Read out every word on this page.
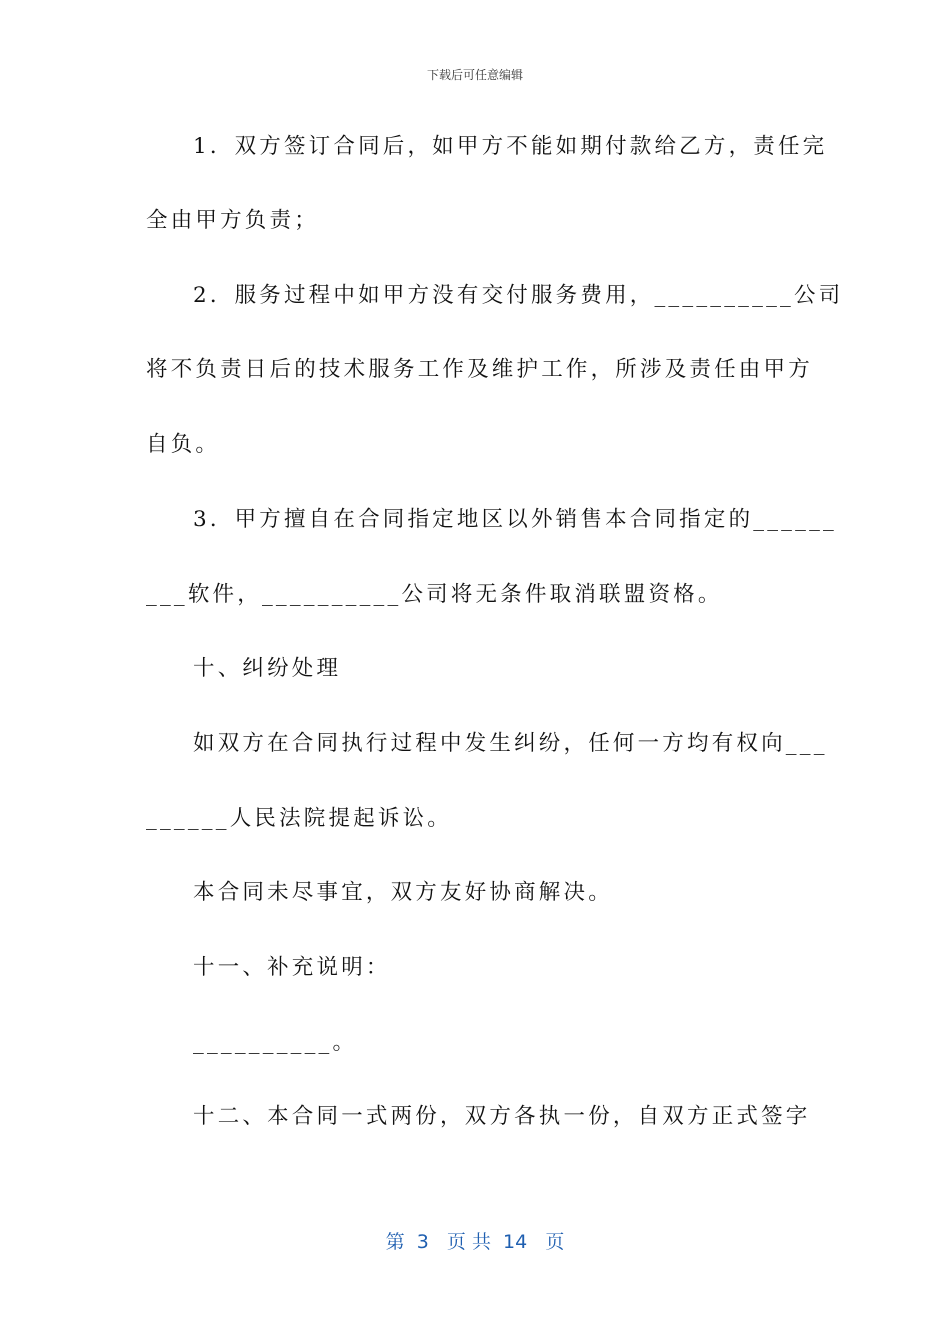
下载后可任意编辑
1．双方签订合同后，如甲方不能如期付款给乙方，责任完
全由甲方负责；
2．服务过程中如甲方没有交付服务费用，__________公司
将不负责日后的技术服务工作及维护工作，所涉及责任由甲方
自负。
3．甲方擅自在合同指定地区以外销售本合同指定的______
___软件，__________公司将无条件取消联盟资格。
十、纠纷处理
如双方在合同执行过程中发生纠纷，任何一方均有权向___
______人民法院提起诉讼。
本合同未尽事宜，双方友好协商解决。
十一、补充说明：
__________。
十二、本合同一式两份，双方各执一份，自双方正式签字
第  3   页 共  14   页
